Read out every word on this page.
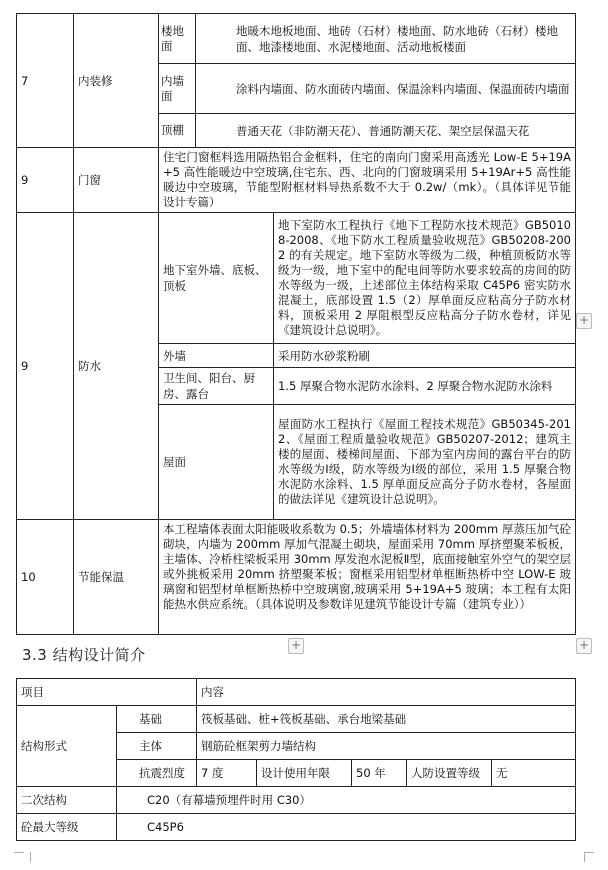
7	内装修	楼地面	地暖木地板地面、地砖（石材）楼地面、防水地砖（石材）楼地面、地漆楼地面、水泥楼地面、活动地板楼面	
		内墙面	涂料内墙面、防水面砖内墙面、保温涂料内墙面、保温面砖内墙面	
		顶棚	普通天花（非防潮天花）、普通防潮天花、架空层保温天花	
9	门窗	住宅门窗框料选用隔热铝合金框料，住宅的南向门窗采用高透光 Low-E 5+19A+5 高性能暖边中空玻璃,住宅东、西、北向的门窗玻璃采用 5+19Ar+5 高性能暖边中空玻璃，节能型附框材料导热系数不大于 0.2w/（mk）。（具体详见节能设计专篇）		
9	防水	地下室外墙、底板、顶板		地下室防水工程执行《地下工程防水技术规范》GB50108-2008、《地下防水工程质量验收规范》GB50208-2002 的有关规定。地下室防水等级为二级，种植顶板防水等级为一级，地下室中的配电间等防水要求较高的房间的防水等级为一级，上述部位主体结构采取 C45P6 密实防水混凝土，底部设置 1.5（2）厚单面反应粘高分子防水材料，顶板采用 2 厚阻根型反应粘高分子防水卷材，详见《建筑设计总说明》。
		外墙		采用防水砂浆粉刷
		卫生间、阳台、厨房、露台		1.5 厚聚合物水泥防水涂料、2 厚聚合物水泥防水涂料
		屋面		屋面防水工程执行《屋面工程技术规范》GB50345-2012、《屋面工程质量验收规范》GB50207-2012；建筑主楼的屋面、楼梯间屋面、下部为室内房间的露台平台的防水等级为Ⅰ级，防水等级为Ⅰ级的部位，采用 1.5 厚聚合物水泥防水涂料、1.5 厚单面反应高分子防水卷材，各屋面的做法详见《建筑设计总说明》。
10	节能保温	本工程墙体表面太阳能吸收系数为 0.5；外墙墙体材料为 200mm 厚蒸压加气砼砌块，内墙为 200mm 厚加气混凝土砌块，屋面采用 70mm 厚挤塑聚苯板板，主墙体、冷桥柱梁板采用 30mm 厚发泡水泥板Ⅱ型，底面接触室外空气的架空层或外挑板采用 20mm 挤塑聚苯板；窗框采用铝型材单框断热桥中空 LOW-E 玻璃窗和铝型材单框断热桥中空玻璃窗,玻璃采用 5+19A+5 玻璃；本工程有太阳能热水供应系统。（具体说明及参数详见建筑节能设计专篇（建筑专业））		
+
+	+
3.3 结构设计简介
项目		内容				
结构形式	基础	筏板基础、桩+筏板基础、承台地梁基础				
	主体	钢筋砼框架剪力墙结构				
	抗震烈度	7 度	设计使用年限	50 年	人防设置等级	无
二次结构	C20（有幕墙预埋件时用 C30）					
砼最大等级	C45P6					
